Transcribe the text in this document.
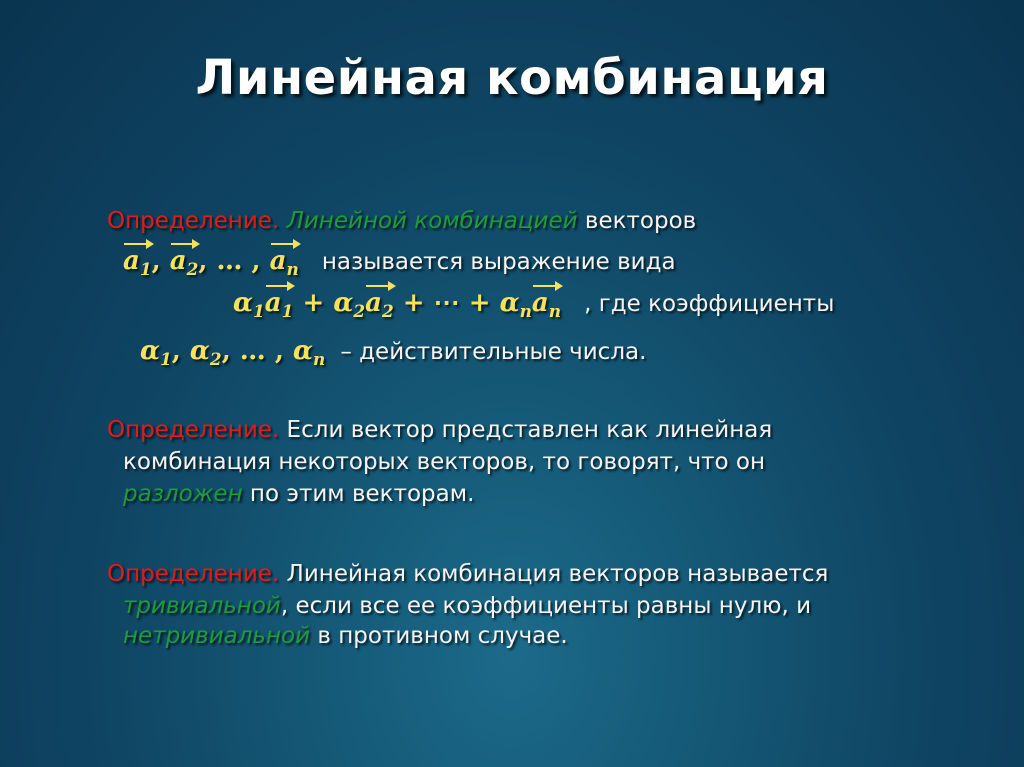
Линейная комбинация
Определение. Линейной комбинацией векторов
$a_1$, $a_2$, … , $a_n$ называется выражение вида
$\alpha_1a_1 + \alpha_2a_2$ + ⋯ + $\alpha_na_n$ , где коэффициенты
$\alpha_1$, $\alpha_2$, … , $\alpha_n$ – действительные числа.
Определение. Если вектор представлен как линейная
комбинация некоторых векторов, то говорят, что он
разложен по этим векторам.
Определение. Линейная комбинация векторов называется
тривиальной, если все ее коэффициенты равны нулю, и
нетривиальной в противном случае.
